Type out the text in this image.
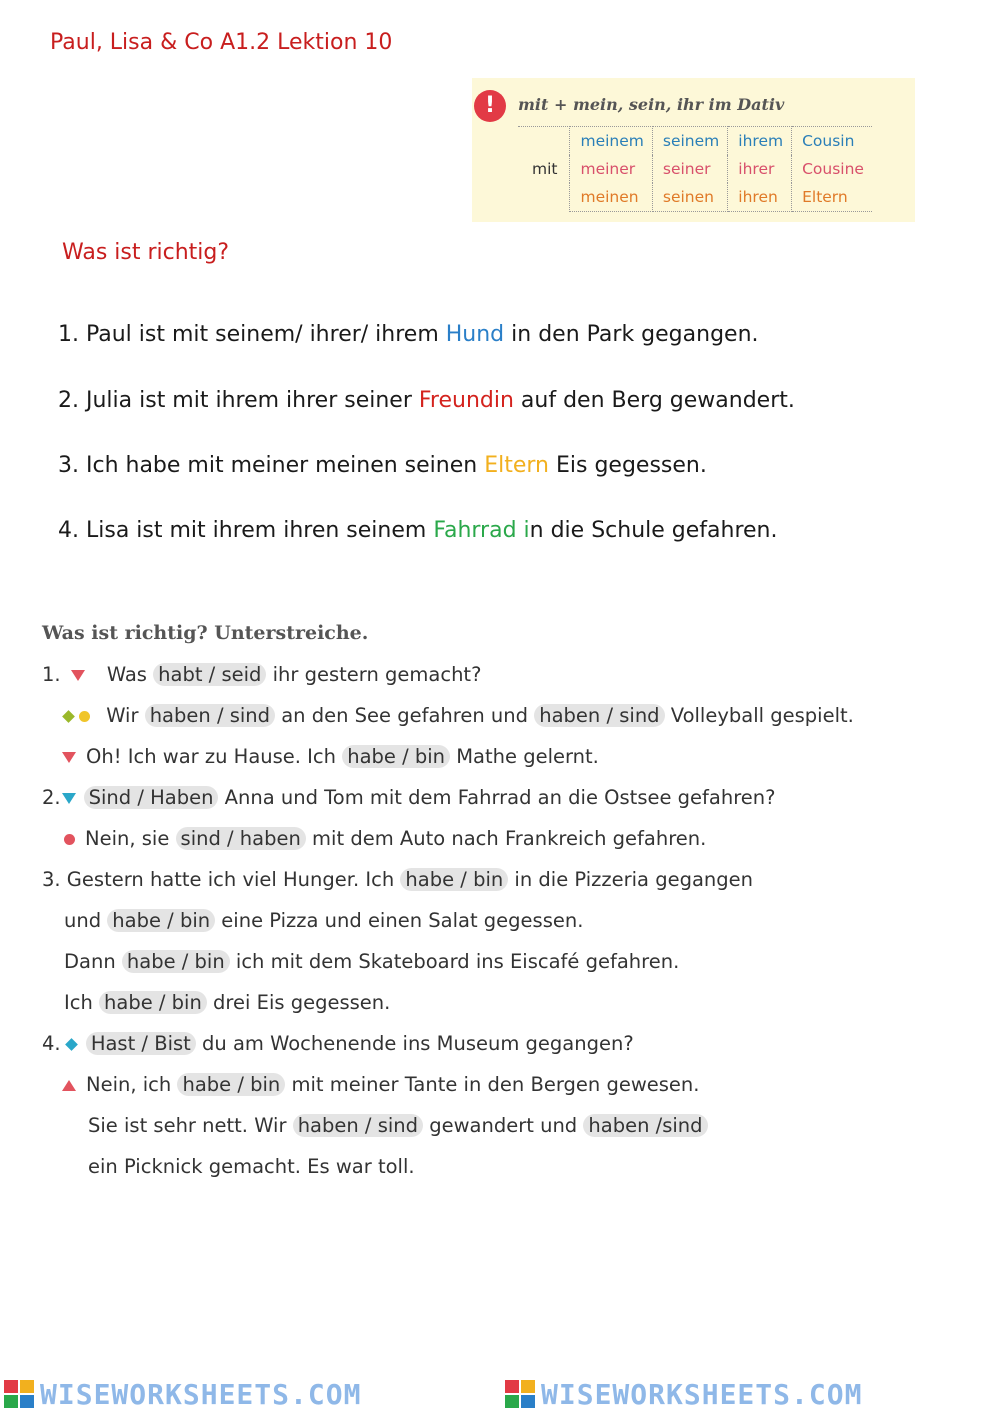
Paul, Lisa & Co A1.2 Lektion 10
!	mit + mein, sein, ihr im Dativ
mit	meinem	seinem	ihrem	Cousin
	meiner	seiner	ihrer	Cousine
	meinen	seinen	ihren	Eltern
Was ist richtig?
1. Paul ist mit seinem/ ihrer/ ihrem Hund in den Park gegangen.
2. Julia ist mit ihrem ihrer seiner Freundin auf den Berg gewandert.
3. Ich habe mit meiner meinen seinen Eltern Eis gegessen.
4. Lisa ist mit ihrem ihren seinem Fahrrad in die Schule gefahren.
Was ist richtig? Unterstreiche.
1. Was habt / seid ihr gestern gemacht?
Wir haben / sind an den See gefahren und haben / sind Volleyball gespielt.
Oh! Ich war zu Hause. Ich habe / bin Mathe gelernt.
2. Sind / Haben Anna und Tom mit dem Fahrrad an die Ostsee gefahren?
Nein, sie sind / haben mit dem Auto nach Frankreich gefahren.
3. Gestern hatte ich viel Hunger. Ich habe / bin in die Pizzeria gegangen
und habe / bin eine Pizza und einen Salat gegessen.
Dann habe / bin ich mit dem Skateboard ins Eiscafé gefahren.
Ich habe / bin drei Eis gegessen.
4. Hast / Bist du am Wochenende ins Museum gegangen?
Nein, ich habe / bin mit meiner Tante in den Bergen gewesen.
Sie ist sehr nett. Wir haben / sind gewandert und haben /sind
ein Picknick gemacht. Es war toll.
WISEWORKSHEETS.COM	WISEWORKSHEETS.COM
